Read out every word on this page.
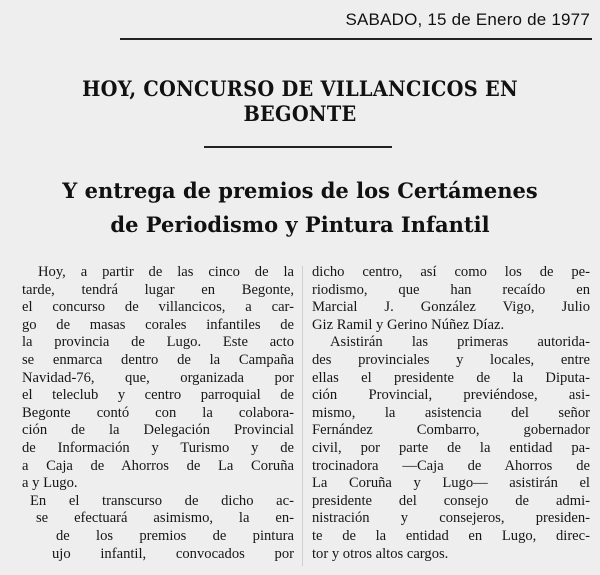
SABADO, 15 de Enero de 1977
HOY, CONCURSO DE VILLANCICOS EN BEGONTE
Y entrega de premios de los Certámenes
de Periodismo y Pintura Infantil
Hoy, a partir de las cinco de la
tarde, tendrá lugar en Begonte,
el concurso de villancicos, a car-
go de masas corales infantiles de
la provincia de Lugo. Este acto
se enmarca dentro de la Campaña
Navidad-76, que, organizada por
el teleclub y centro parroquial de
Begonte contó con la colabora-
ción de la Delegación Provincial
de Información y Turismo y de
a Caja de Ahorros de La Coruña
a y Lugo.
En el transcurso de dicho ac-
se efectuará asimismo, la en-
de los premios de pintura
ujo infantil, convocados por
dicho centro, así como los de pe-
riodismo, que han recaído en
Marcial J. González Vigo, Julio
Giz Ramil y Gerino Núñez Díaz.
Asistirán las primeras autorida-
des provinciales y locales, entre
ellas el presidente de la Diputa-
ción Provincial, previéndose, asi-
mismo, la asistencia del señor
Fernández Combarro, gobernador
civil, por parte de la entidad pa-
trocinadora —Caja de Ahorros de
La Coruña y Lugo— asistirán el
presidente del consejo de admi-
nistración y consejeros, presiden-
te de la entidad en Lugo, direc-
tor y otros altos cargos.
